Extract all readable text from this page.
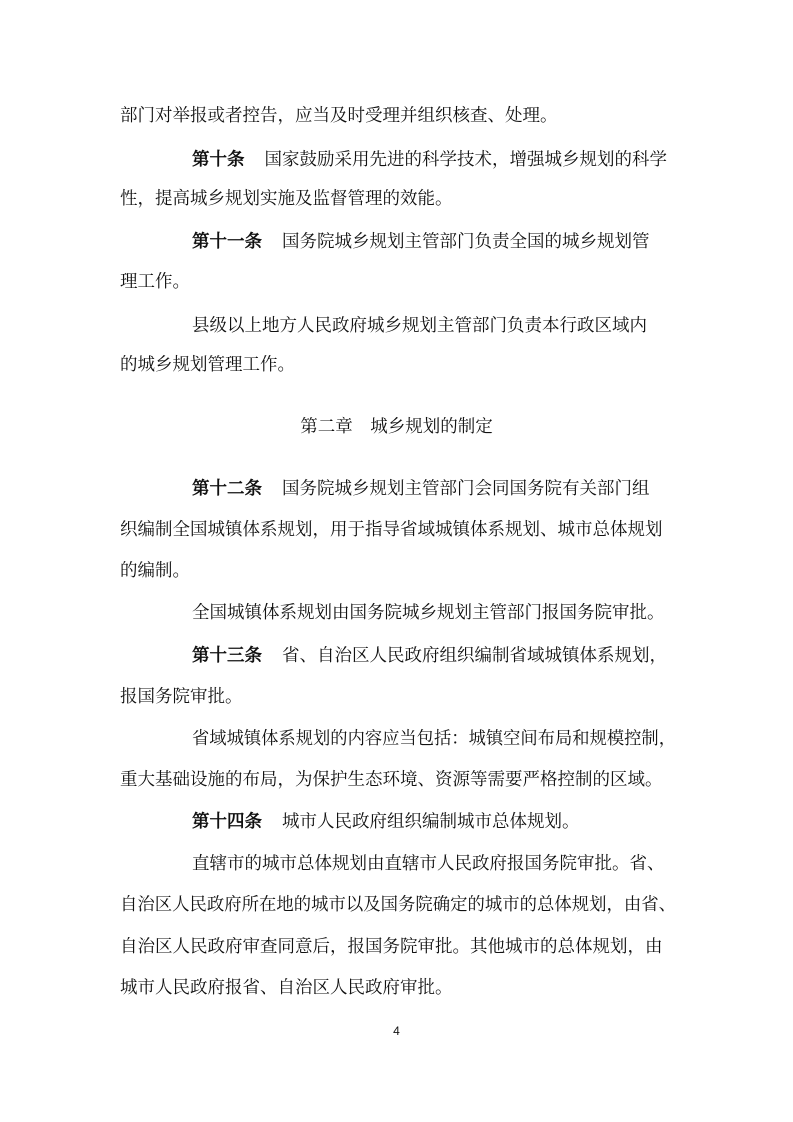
部门对举报或者控告，应当及时受理并组织核查、处理。
第十条 国家鼓励采用先进的科学技术，增强城乡规划的科学
性，提高城乡规划实施及监督管理的效能。
第十一条 国务院城乡规划主管部门负责全国的城乡规划管
理工作。
县级以上地方人民政府城乡规划主管部门负责本行政区域内
的城乡规划管理工作。
第二章　城乡规划的制定
第十二条 国务院城乡规划主管部门会同国务院有关部门组
织编制全国城镇体系规划，用于指导省域城镇体系规划、城市总体规划
的编制。
全国城镇体系规划由国务院城乡规划主管部门报国务院审批。
第十三条 省、自治区人民政府组织编制省域城镇体系规划，
报国务院审批。
省域城镇体系规划的内容应当包括：城镇空间布局和规模控制，
重大基础设施的布局，为保护生态环境、资源等需要严格控制的区域。
第十四条 城市人民政府组织编制城市总体规划。
直辖市的城市总体规划由直辖市人民政府报国务院审批。省、
自治区人民政府所在地的城市以及国务院确定的城市的总体规划，由省、
自治区人民政府审查同意后，报国务院审批。其他城市的总体规划，由
城市人民政府报省、自治区人民政府审批。
4
